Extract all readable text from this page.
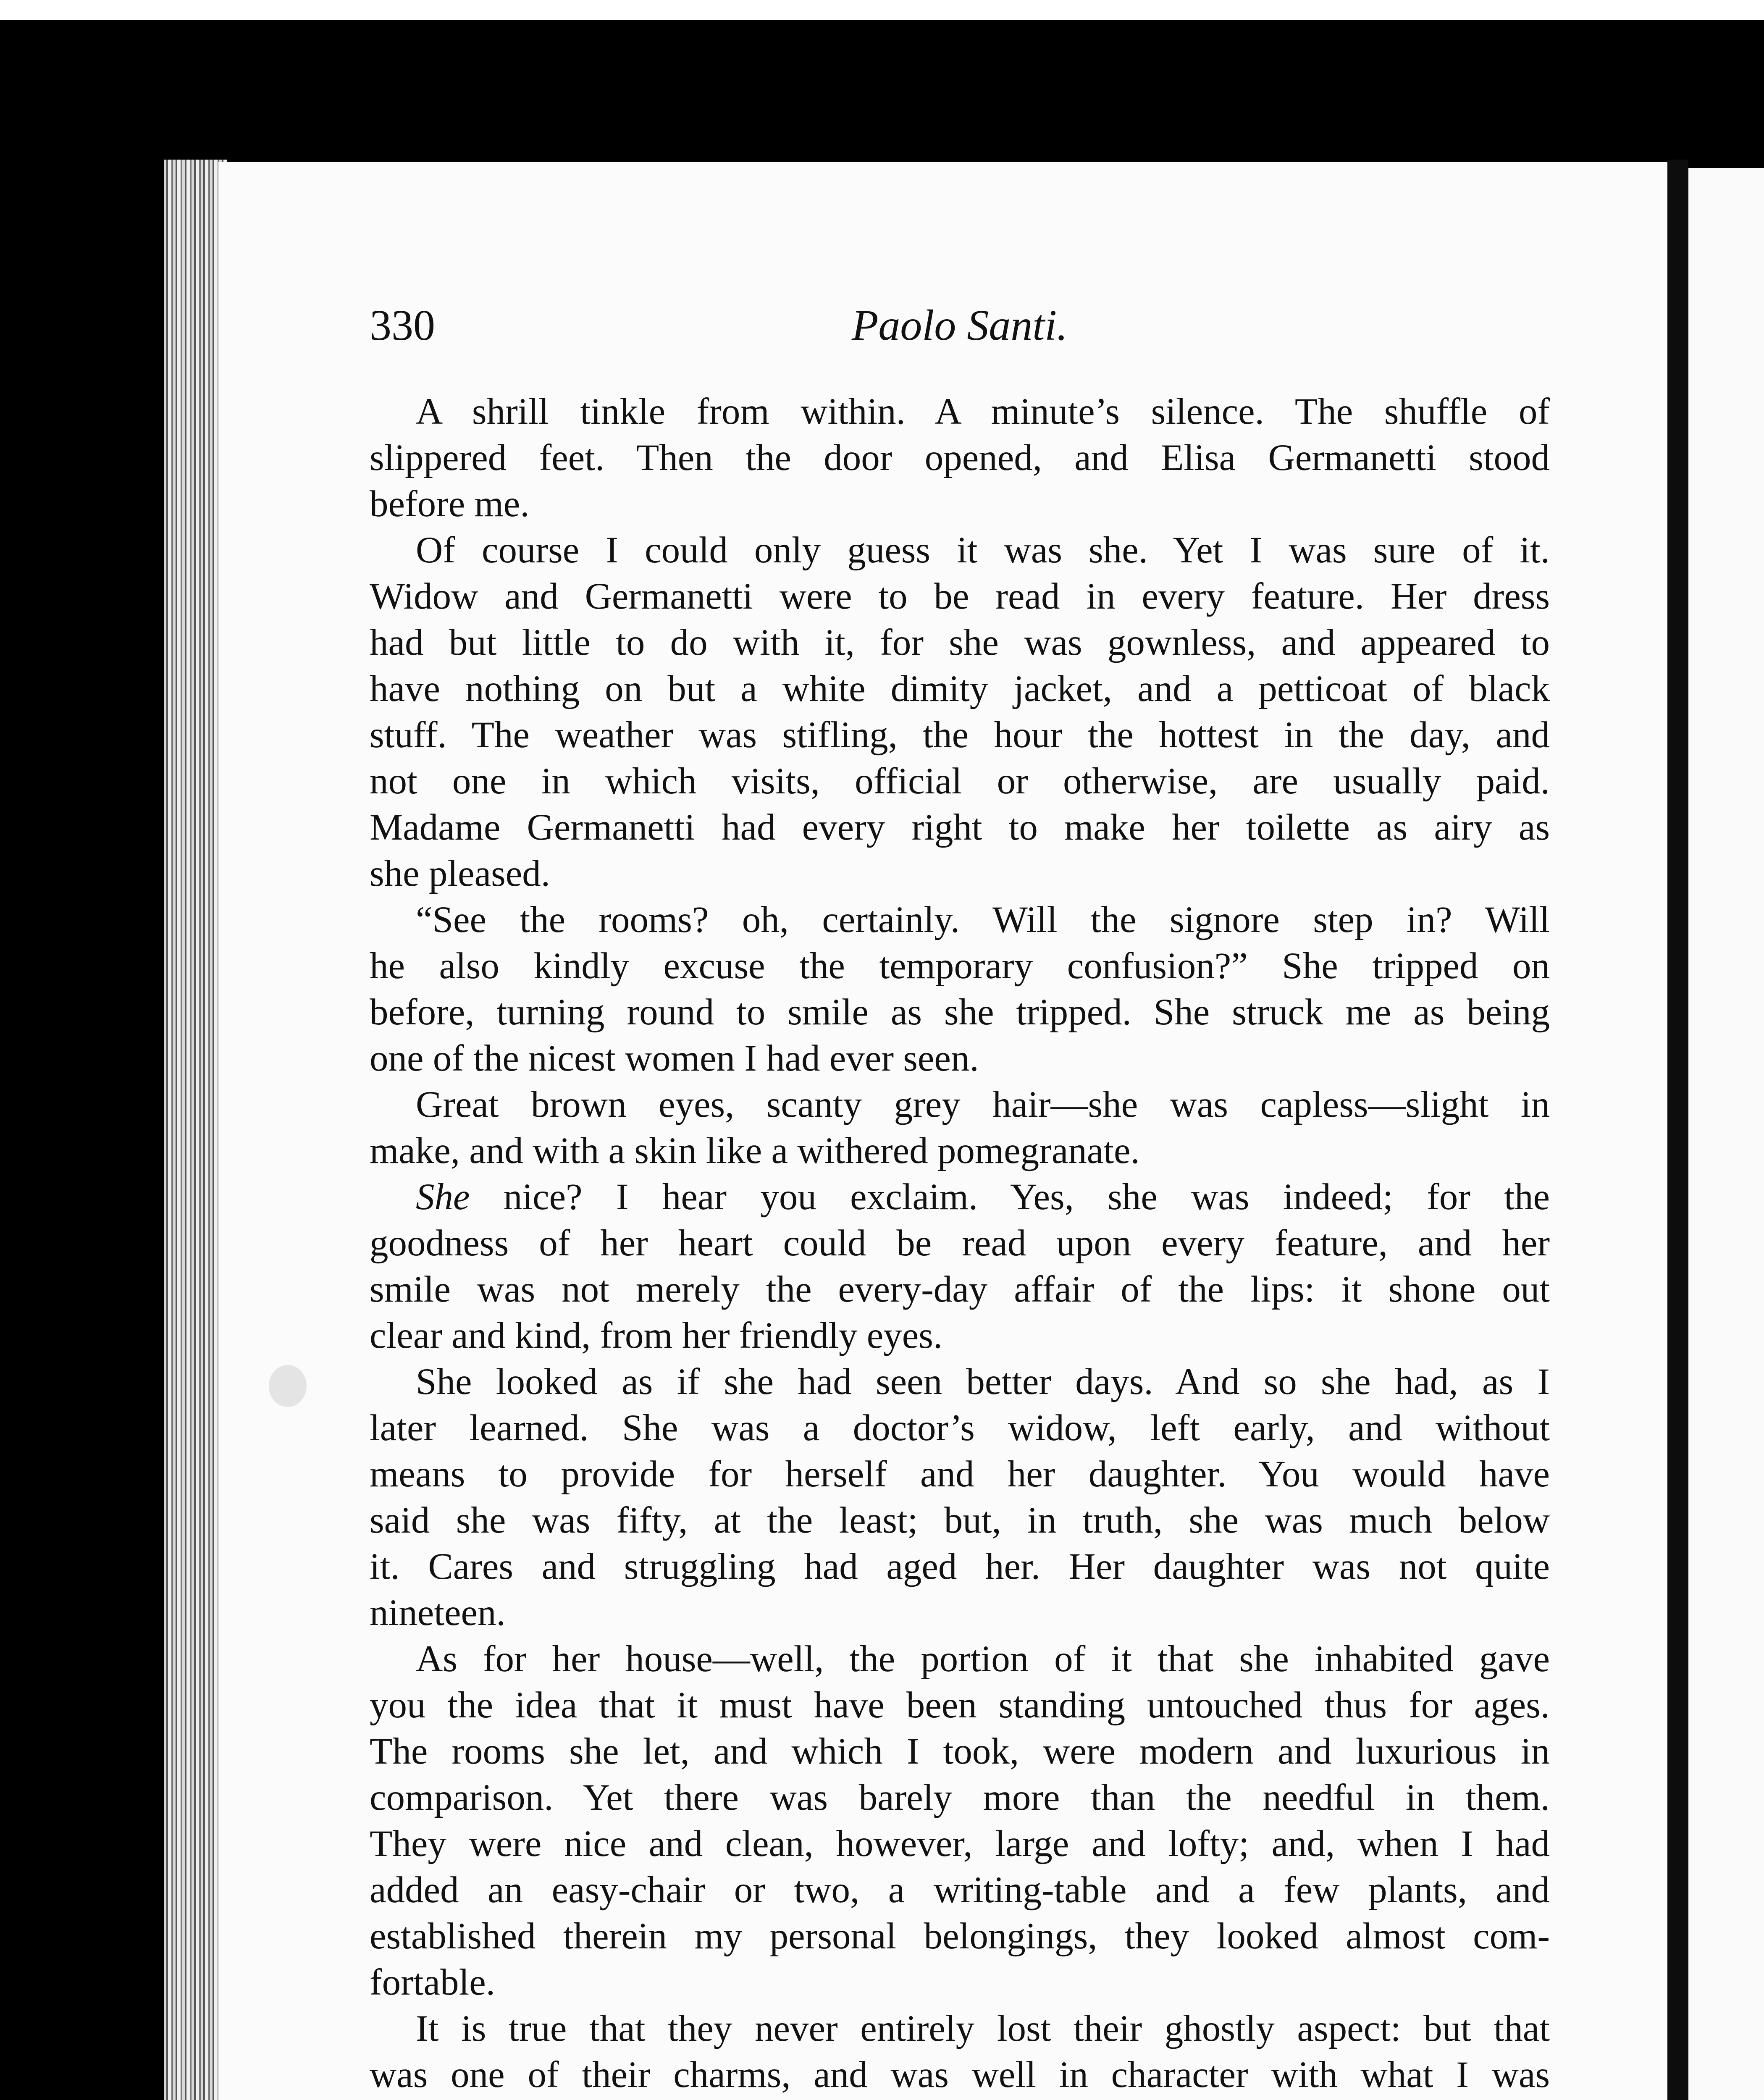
Paolo Santi.
330
A shrill tinkle from within. A minute’s silence. The shuffle of
slippered feet. Then the door opened, and Elisa Germanetti stood
before me.
Of course I could only guess it was she. Yet I was sure of it.
Widow and Germanetti were to be read in every feature. Her dress
had but little to do with it, for she was gownless, and appeared to
have nothing on but a white dimity jacket, and a petticoat of black
stuff. The weather was stifling, the hour the hottest in the day, and
not one in which visits, official or otherwise, are usually paid.
Madame Germanetti had every right to make her toilette as airy as
she pleased.
“See the rooms? oh, certainly. Will the signore step in? Will
he also kindly excuse the temporary confusion?” She tripped on
before, turning round to smile as she tripped. She struck me as being
one of the nicest women I had ever seen.
Great brown eyes, scanty grey hair—she was capless—slight in
make, and with a skin like a withered pomegranate.
She nice? I hear you exclaim. Yes, she was indeed; for the
goodness of her heart could be read upon every feature, and her
smile was not merely the every-day affair of the lips: it shone out
clear and kind, from her friendly eyes.
She looked as if she had seen better days. And so she had, as I
later learned. She was a doctor’s widow, left early, and without
means to provide for herself and her daughter. You would have
said she was fifty, at the least; but, in truth, she was much below
it. Cares and struggling had aged her. Her daughter was not quite
nineteen.
As for her house—well, the portion of it that she inhabited gave
you the idea that it must have been standing untouched thus for ages.
The rooms she let, and which I took, were modern and luxurious in
comparison. Yet there was barely more than the needful in them.
They were nice and clean, however, large and lofty; and, when I had
added an easy-chair or two, a writing-table and a few plants, and
established therein my personal belongings, they looked almost com-
fortable.
It is true that they never entirely lost their ghostly aspect: but that
was one of their charms, and was well in character with what I was
